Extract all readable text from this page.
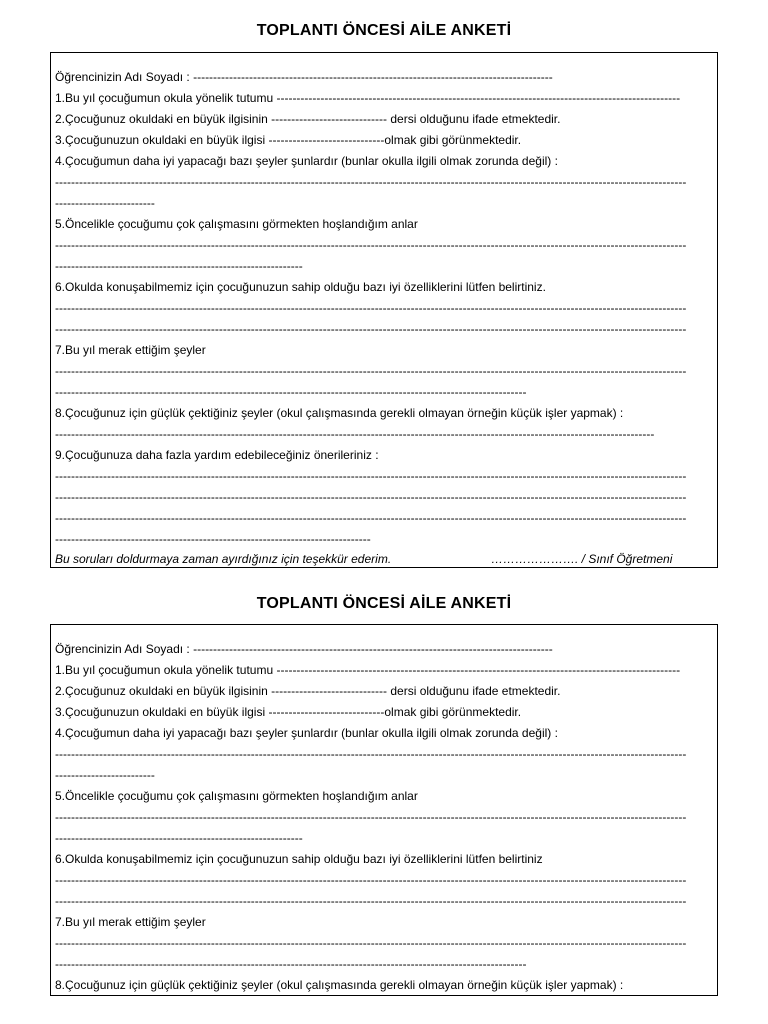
TOPLANTI ÖNCESİ AİLE ANKETİ
Öğrencinizin Adı Soyadı : ------------------------------------------------------------------------------------------
1.Bu yıl çocuğumun okula yönelik tutumu -----------------------------------------------------------------------------------------------------
2.Çocuğunuz okuldaki en büyük ilgisinin ----------------------------- dersi olduğunu ifade etmektedir.
3.Çocuğunuzun okuldaki en büyük ilgisi -----------------------------olmak gibi görünmektedir.
4.Çocuğumun daha iyi yapacağı bazı şeyler şunlardır (bunlar okulla ilgili olmak zorunda değil) :
--------------------------------------------------------------------------------------------------------------------------------------------------------------
-------------------------
5.Öncelikle çocuğumu çok çalışmasını görmekten hoşlandığım anlar
--------------------------------------------------------------------------------------------------------------------------------------------------------------
--------------------------------------------------------------
6.Okulda konuşabilmemiz için çocuğunuzun sahip olduğu bazı iyi özelliklerini lütfen belirtiniz.
--------------------------------------------------------------------------------------------------------------------------------------------------------------
--------------------------------------------------------------------------------------------------------------------------------------------------------------
7.Bu yıl merak ettiğim şeyler
--------------------------------------------------------------------------------------------------------------------------------------------------------------
----------------------------------------------------------------------------------------------------------------------
8.Çocuğunuz için güçlük çektiğiniz şeyler (okul çalışmasında gerekli olmayan örneğin küçük işler yapmak) :
------------------------------------------------------------------------------------------------------------------------------------------------------
9.Çocuğunuza daha fazla yardım edebileceğiniz önerileriniz :
--------------------------------------------------------------------------------------------------------------------------------------------------------------
--------------------------------------------------------------------------------------------------------------------------------------------------------------
--------------------------------------------------------------------------------------------------------------------------------------------------------------
-------------------------------------------------------------------------------
Bu soruları doldurmaya zaman ayırdığınız için teşekkür ederim.	…………………. / Sınıf Öğretmeni
TOPLANTI ÖNCESİ AİLE ANKETİ
Öğrencinizin Adı Soyadı : ------------------------------------------------------------------------------------------
1.Bu yıl çocuğumun okula yönelik tutumu -----------------------------------------------------------------------------------------------------
2.Çocuğunuz okuldaki en büyük ilgisinin ----------------------------- dersi olduğunu ifade etmektedir.
3.Çocuğunuzun okuldaki en büyük ilgisi -----------------------------olmak gibi görünmektedir.
4.Çocuğumun daha iyi yapacağı bazı şeyler şunlardır (bunlar okulla ilgili olmak zorunda değil) :
--------------------------------------------------------------------------------------------------------------------------------------------------------------
-------------------------
5.Öncelikle çocuğumu çok çalışmasını görmekten hoşlandığım anlar
--------------------------------------------------------------------------------------------------------------------------------------------------------------
--------------------------------------------------------------
6.Okulda konuşabilmemiz için çocuğunuzun sahip olduğu bazı iyi özelliklerini lütfen belirtiniz
--------------------------------------------------------------------------------------------------------------------------------------------------------------
--------------------------------------------------------------------------------------------------------------------------------------------------------------
7.Bu yıl merak ettiğim şeyler
--------------------------------------------------------------------------------------------------------------------------------------------------------------
----------------------------------------------------------------------------------------------------------------------
8.Çocuğunuz için güçlük çektiğiniz şeyler (okul çalışmasında gerekli olmayan örneğin küçük işler yapmak) :
